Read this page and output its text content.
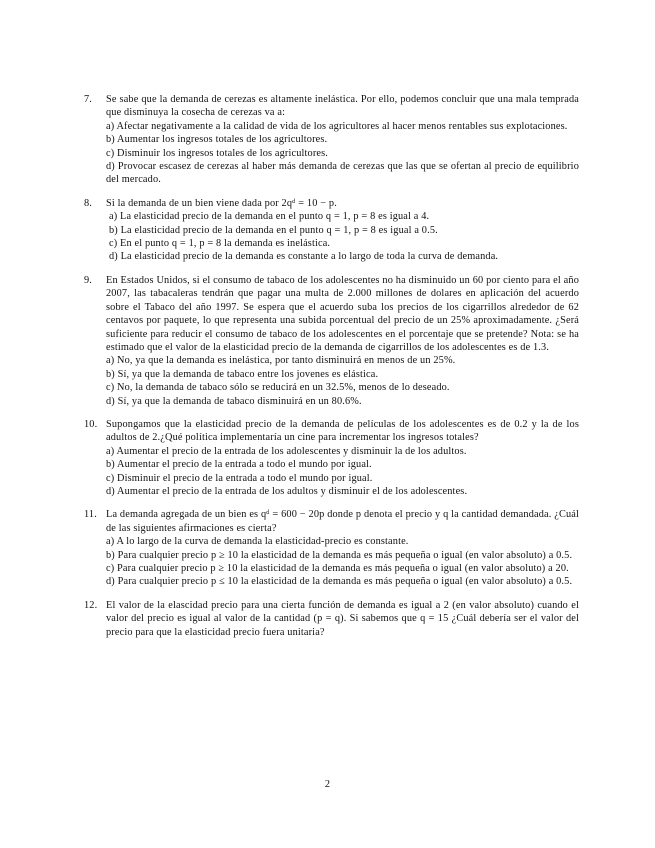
7.	Se sabe que la demanda de cerezas es altamente inelástica. Por ello, podemos concluir que una mala temprada que disminuya la cosecha de cerezas va a:
a) Afectar negativamente a la calidad de vida de los agricultores al hacer menos rentables sus explotaciones.
b) Aumentar los ingresos totales de los agricultores.
c) Disminuir los ingresos totales de los agricultores.
d) Provocar escasez de cerezas al haber más demanda de cerezas que las que se ofertan al precio de equilibrio del mercado.
8.	Si la demanda de un bien viene dada por 2qᵈ = 10 − p.
a) La elasticidad precio de la demanda en el punto q = 1, p = 8 es igual a 4.
b) La elasticidad precio de la demanda en el punto q = 1, p = 8 es igual a 0.5.
c) En el punto q = 1, p = 8 la demanda es inelástica.
d) La elasticidad precio de la demanda es constante a lo largo de toda la curva de demanda.
9.	En Estados Unidos, si el consumo de tabaco de los adolescentes no ha disminuido un 60 por ciento para el año 2007, las tabacaleras tendrán que pagar una multa de 2.000 millones de dolares en aplicación del acuerdo sobre el Tabaco del año 1997. Se espera que el acuerdo suba los precios de los cigarrillos alrededor de 62 centavos por paquete, lo que representa una subida porcentual del precio de un 25% aproximadamente. ¿Será suficiente para reducir el consumo de tabaco de los adolescentes en el porcentaje que se pretende? Nota: se ha estimado que el valor de la elasticidad precio de la demanda de cigarrillos de los adolescentes es de 1.3.
a) No, ya que la demanda es inelástica, por tanto disminuirá en menos de un 25%.
b) Sí, ya que la demanda de tabaco entre los jovenes es elástica.
c) No, la demanda de tabaco sólo se reducirá en un 32.5%, menos de lo deseado.
d) Sí, ya que la demanda de tabaco disminuirá en un 80.6%.
10. Supongamos que la elasticidad precio de la demanda de películas de los adolescentes es de 0.2 y la de los adultos de 2.¿Qué política implementaría un cine para incrementar los ingresos totales?
a) Aumentar el precio de la entrada de los adolescentes y disminuir la de los adultos.
b) Aumentar el precio de la entrada a todo el mundo por igual.
c) Disminuir el precio de la entrada a todo el mundo por igual.
d) Aumentar el precio de la entrada de los adultos y disminuir el de los adolescentes.
11. La demanda agregada de un bien es qᵈ = 600 − 20p donde p denota el precio y q la cantidad demandada. ¿Cuál de las siguientes afirmaciones es cierta?
a) A lo largo de la curva de demanda la elasticidad-precio es constante.
b) Para cualquier precio p ≥ 10 la elasticidad de la demanda es más pequeña o igual (en valor absoluto) a 0.5.
c) Para cualquier precio p ≥ 10 la elasticidad de la demanda es más pequeña o igual (en valor absoluto) a 20.
d) Para cualquier precio p ≤ 10 la elasticidad de la demanda es más pequeña o igual (en valor absoluto) a 0.5.
12. El valor de la elascidad precio para una cierta función de demanda es igual a 2 (en valor absoluto) cuando el valor del precio es igual al valor de la cantidad (p = q). Si sabemos que q = 15 ¿Cuál debería ser el valor del precio para que la elasticidad precio fuera unitaria?
2
